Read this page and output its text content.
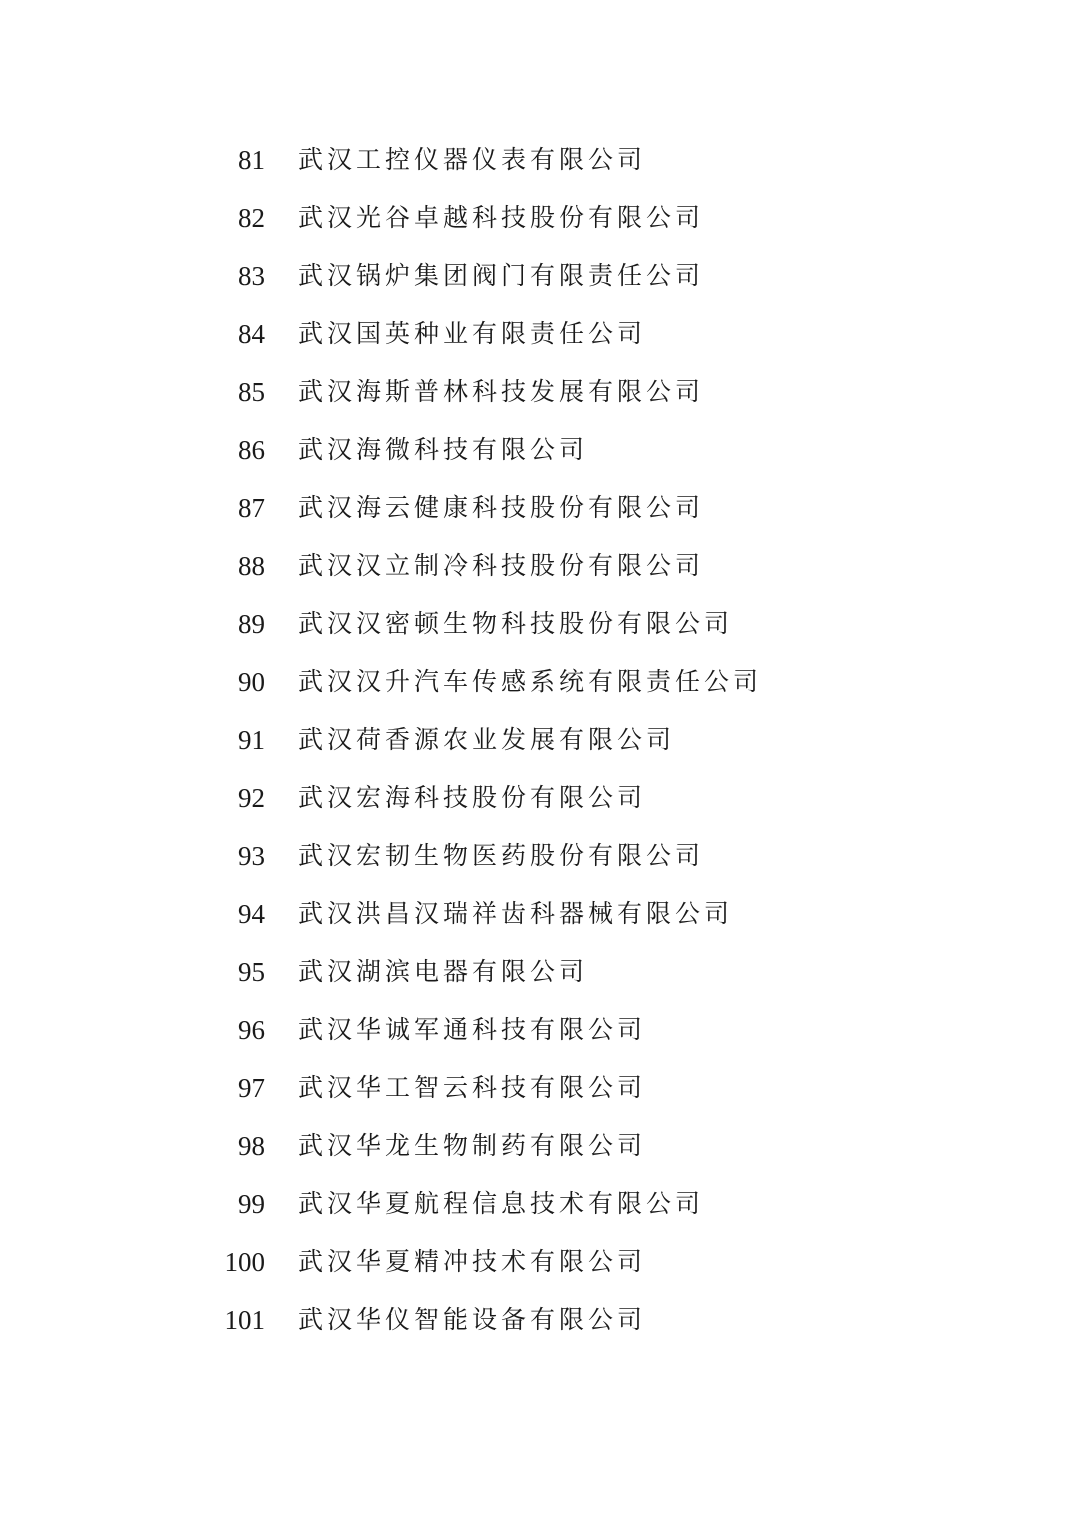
81 武汉工控仪器仪表有限公司
82 武汉光谷卓越科技股份有限公司
83 武汉锅炉集团阀门有限责任公司
84 武汉国英种业有限责任公司
85 武汉海斯普林科技发展有限公司
86 武汉海微科技有限公司
87 武汉海云健康科技股份有限公司
88 武汉汉立制冷科技股份有限公司
89 武汉汉密顿生物科技股份有限公司
90 武汉汉升汽车传感系统有限责任公司
91 武汉荷香源农业发展有限公司
92 武汉宏海科技股份有限公司
93 武汉宏韧生物医药股份有限公司
94 武汉洪昌汉瑞祥齿科器械有限公司
95 武汉湖滨电器有限公司
96 武汉华诚军通科技有限公司
97 武汉华工智云科技有限公司
98 武汉华龙生物制药有限公司
99 武汉华夏航程信息技术有限公司
100 武汉华夏精冲技术有限公司
101 武汉华仪智能设备有限公司
